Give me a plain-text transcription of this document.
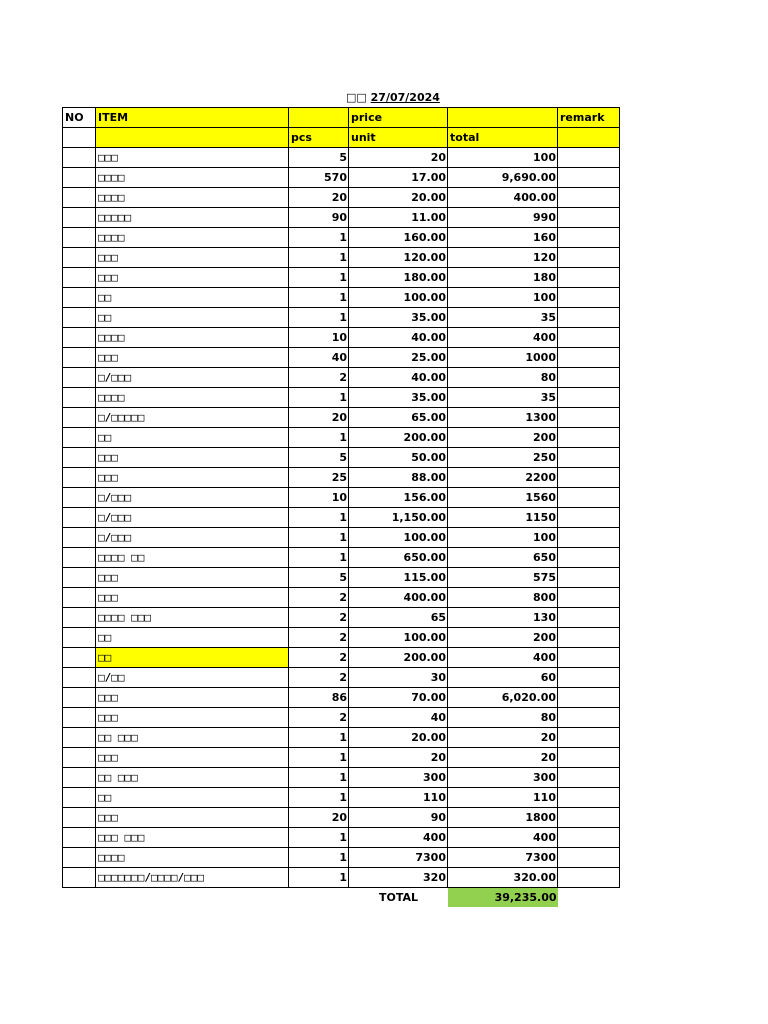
□□ 27/07/2024
NO	ITEM		price		remark
		pcs	unit	total	
	□□□	5	20	100	
	□□□□	570	17.00	9,690.00	
	□□□□	20	20.00	400.00	
	□□□□□	90	11.00	990	
	□□□□	1	160.00	160	
	□□□	1	120.00	120	
	□□□	1	180.00	180	
	□□	1	100.00	100	
	□□	1	35.00	35	
	□□□□	10	40.00	400	
	□□□	40	25.00	1000	
	□/□□□	2	40.00	80	
	□□□□	1	35.00	35	
	□/□□□□□	20	65.00	1300	
	□□	1	200.00	200	
	□□□	5	50.00	250	
	□□□	25	88.00	2200	
	□/□□□	10	156.00	1560	
	□/□□□	1	1,150.00	1150	
	□/□□□	1	100.00	100	
	□□□□ □□	1	650.00	650	
	□□□	5	115.00	575	
	□□□	2	400.00	800	
	□□□□ □□□	2	65	130	
	□□	2	100.00	200	
	□□	2	200.00	400	
	□/□□	2	30	60	
	□□□	86	70.00	6,020.00	
	□□□	2	40	80	
	□□ □□□	1	20.00	20	
	□□□	1	20	20	
	□□ □□□	1	300	300	
	□□	1	110	110	
	□□□	20	90	1800	
	□□□ □□□	1	400	400	
	□□□□	1	7300	7300	
	□□□□□□□/□□□□/□□□	1	320	320.00	
			TOTAL	39,235.00	
